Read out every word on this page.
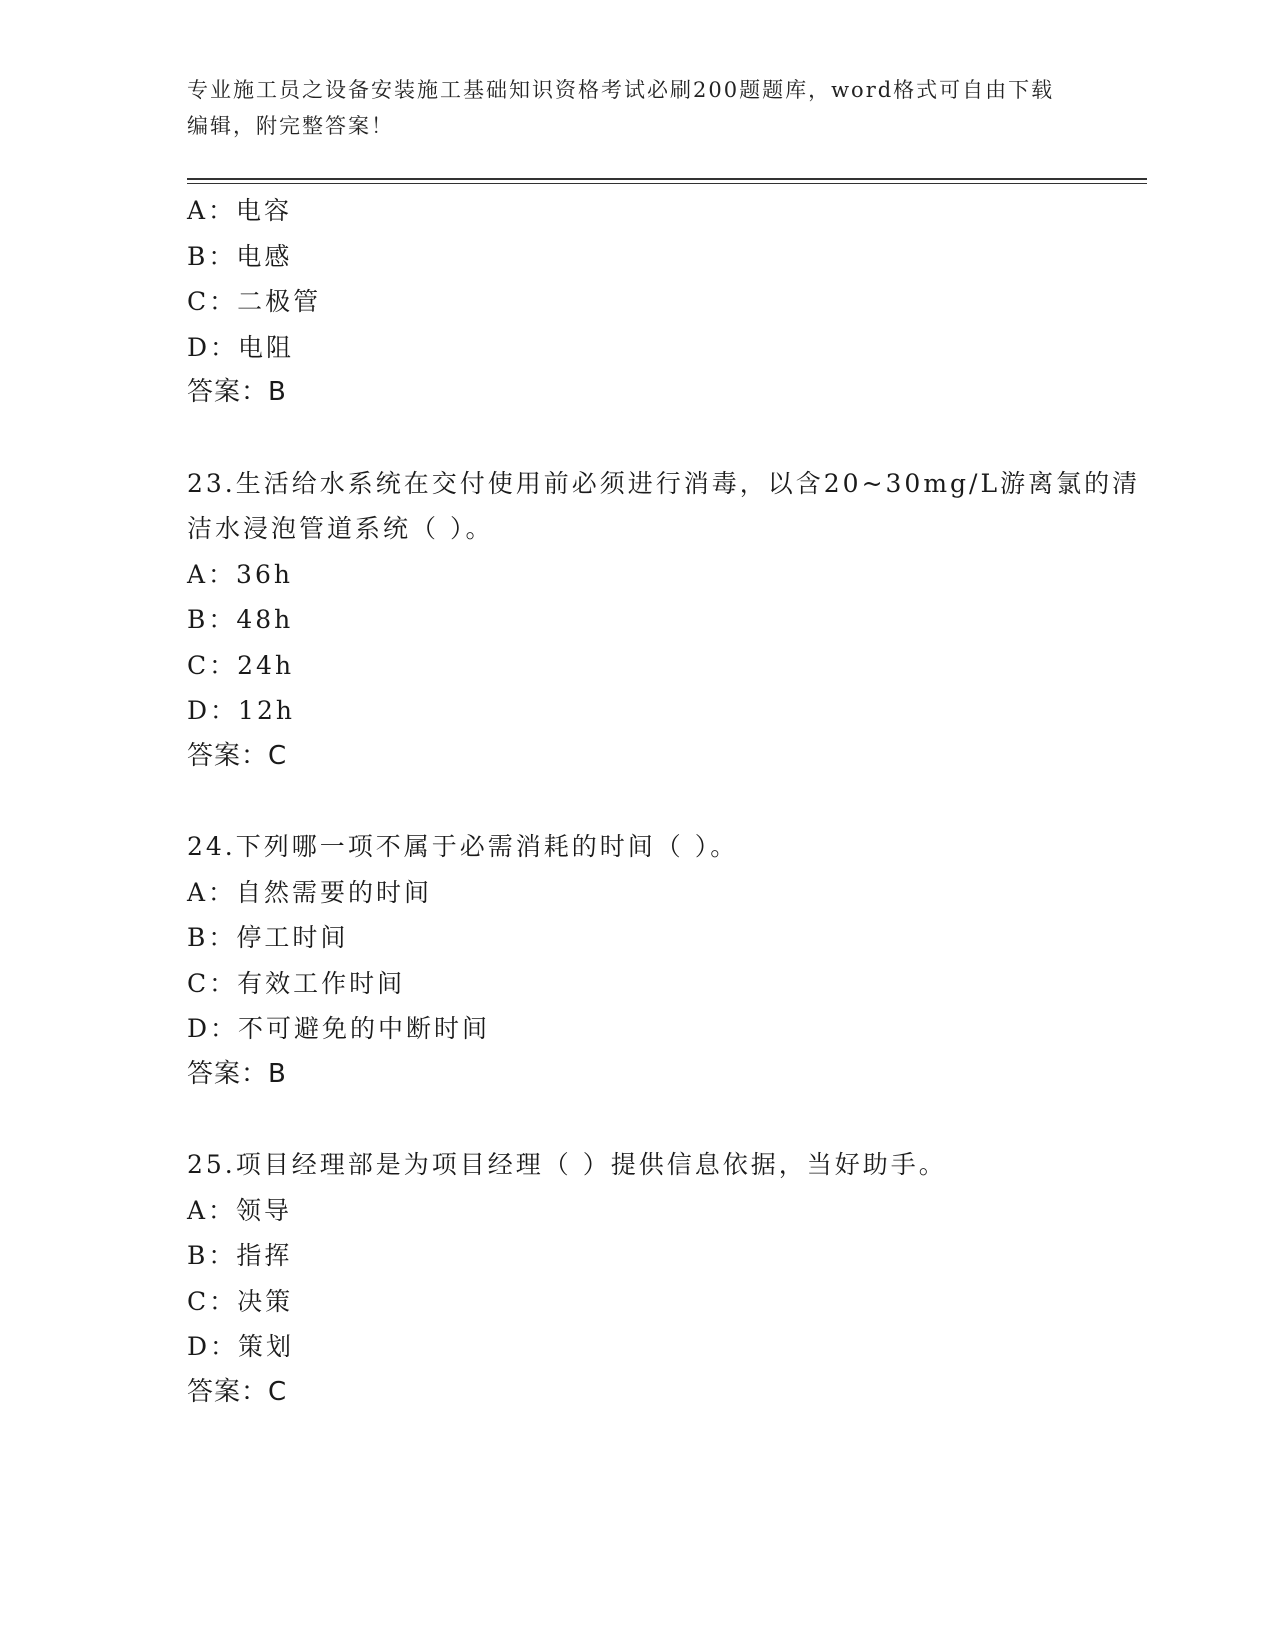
专业施工员之设备安装施工基础知识资格考试必刷200题题库，word格式可自由下载编辑，附完整答案！
A：电容
B：电感
C：二极管
D：电阻
答案：B
23.生活给水系统在交付使用前必须进行消毒，以含20~30mg/L游离氯的清洁水浸泡管道系统（ ）。
A：36h
B：48h
C：24h
D：12h
答案：C
24.下列哪一项不属于必需消耗的时间（ ）。
A：自然需要的时间
B：停工时间
C：有效工作时间
D：不可避免的中断时间
答案：B
25.项目经理部是为项目经理（ ）提供信息依据，当好助手。
A：领导
B：指挥
C：决策
D：策划
答案：C
